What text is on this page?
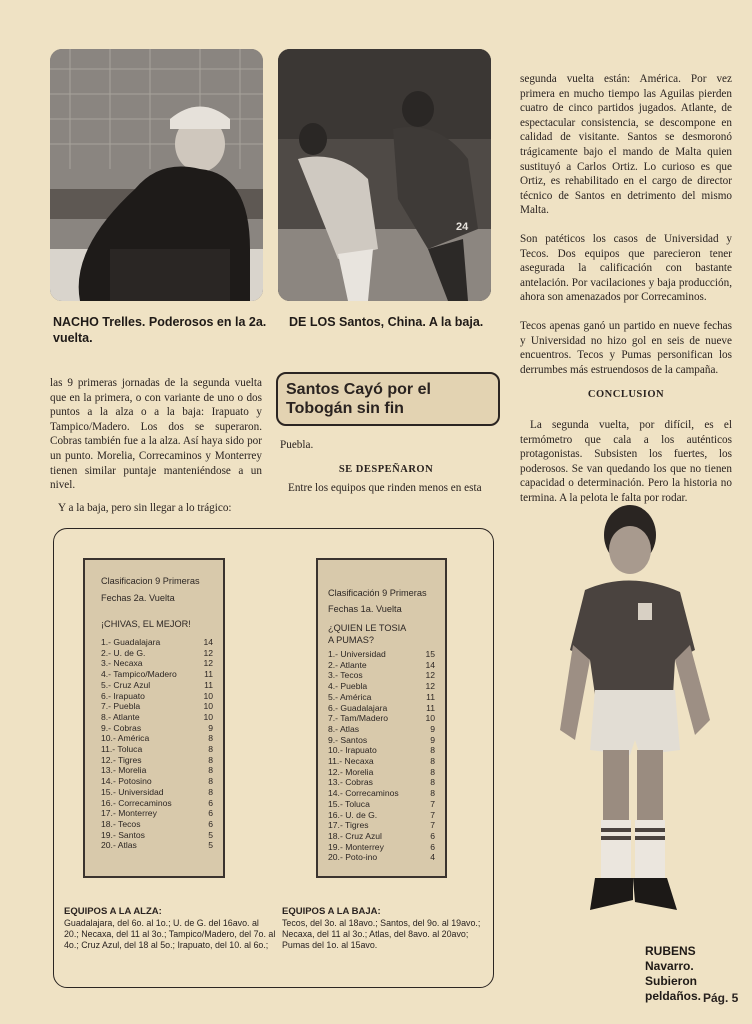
24
NACHO Trelles. Poderosos en la 2a. vuelta.
DE LOS Santos, China. A la baja.

segunda vuelta están: América. Por vez primera en mucho tiempo las Aguilas pierden cuatro de cinco partidos jugados. Atlante, de espectacular consistencia, se descompone en calidad de visitante. Santos se desmoronó trágicamente bajo el mando de Malta quien sustituyó a Carlos Ortiz. Lo curioso es que Ortiz, es rehabilitado en el cargo de director técnico de Santos en detrimento del mismo Malta.

Son patéticos los casos de Universidad y Tecos. Dos equipos que parecieron tener asegurada la calificación con bastante antelación. Por vacilaciones y baja producción, ahora son amenazados por Correcaminos.

Tecos apenas ganó un partido en nueve fechas y Universidad no hizo gol en seis de nueve encuentros. Tecos y Pumas personifican los derrumbes más estruendosos de la campaña.

las 9 primeras jornadas de la segunda vuelta que en la primera, o con variante de uno o dos puntos a la alza o a la baja: Irapuato y Tampico/Madero. Los dos se superaron. Cobras también fue a la alza. Así haya sido por un punto. Morelia, Correcaminos y Monterrey tienen similar puntaje manteniéndose a un nivel.

Y a la baja, pero sin llegar a lo trágico:

Santos Cayó por el Tobogán sin fin
Puebla.
SE DESPEÑARON
Entre los equipos que rinden menos en esta
CONCLUSION
La segunda vuelta, por difícil, es el termómetro que cala a los auténticos protagonistas. Subsisten los fuertes, los poderosos. Se van quedando los que no tienen capacidad o determinación. Pero la historia no termina. A la pelota le falta por rodar.
Clasificacion 9 Primeras
Fechas 2a. Vuelta
¡CHIVAS, EL MEJOR!
1.- Guadalajara	14
2.- U. de G.	12
3.- Necaxa	12
4.- Tampico/Madero	11
5.- Cruz Azul	11
6.- Irapuato	10
7.- Puebla	10
8.- Atlante	10
9.- Cobras	9
10.- América	8
11.- Toluca	8
12.- Tigres	8
13.- Morelia	8
14.- Potosino	8
15.- Universidad	8
16.- Correcaminos	6
17.- Monterrey	6
18.- Tecos	6
19.- Santos	5
20.- Atlas	5
Clasificación 9 Primeras
Fechas 1a. Vuelta
¿QUIEN LE TOSIA
A PUMAS?
1.- Universidad	15
2.- Atlante	14
3.- Tecos	12
4.- Puebla	12
5.- América	11
6.- Guadalajara	11
7.- Tam/Madero	10
8.- Atlas	9
9.- Santos	9
10.- Irapuato	8
11.- Necaxa	8
12.- Morelia	8
13.- Cobras	8
14.- Correcaminos	8
15.- Toluca	7
16.- U. de G.	7
17.- Tigres	7
18.- Cruz Azul	6
19.- Monterrey	6
20.- Poto-ino	4
EQUIPOS A LA ALZA:
Guadalajara, del 6o. al 1o.; U. de G. del 16avo. al 20.; Necaxa, del 11 al 3o.; Tampico/Madero, del 7o. al 4o.; Cruz Azul, del 18 al 5o.; Irapuato, del 10. al 6o.;
EQUIPOS A LA BAJA:
Tecos, del 3o. al 18avo.; Santos, del 9o. al 19avo.; Necaxa, del 11 al 3o.; Atlas, del 8avo. al 20avo; Pumas del 1o. al 15avo.	RUBENS Navarro. Subieron peldaños. Pág. 5
